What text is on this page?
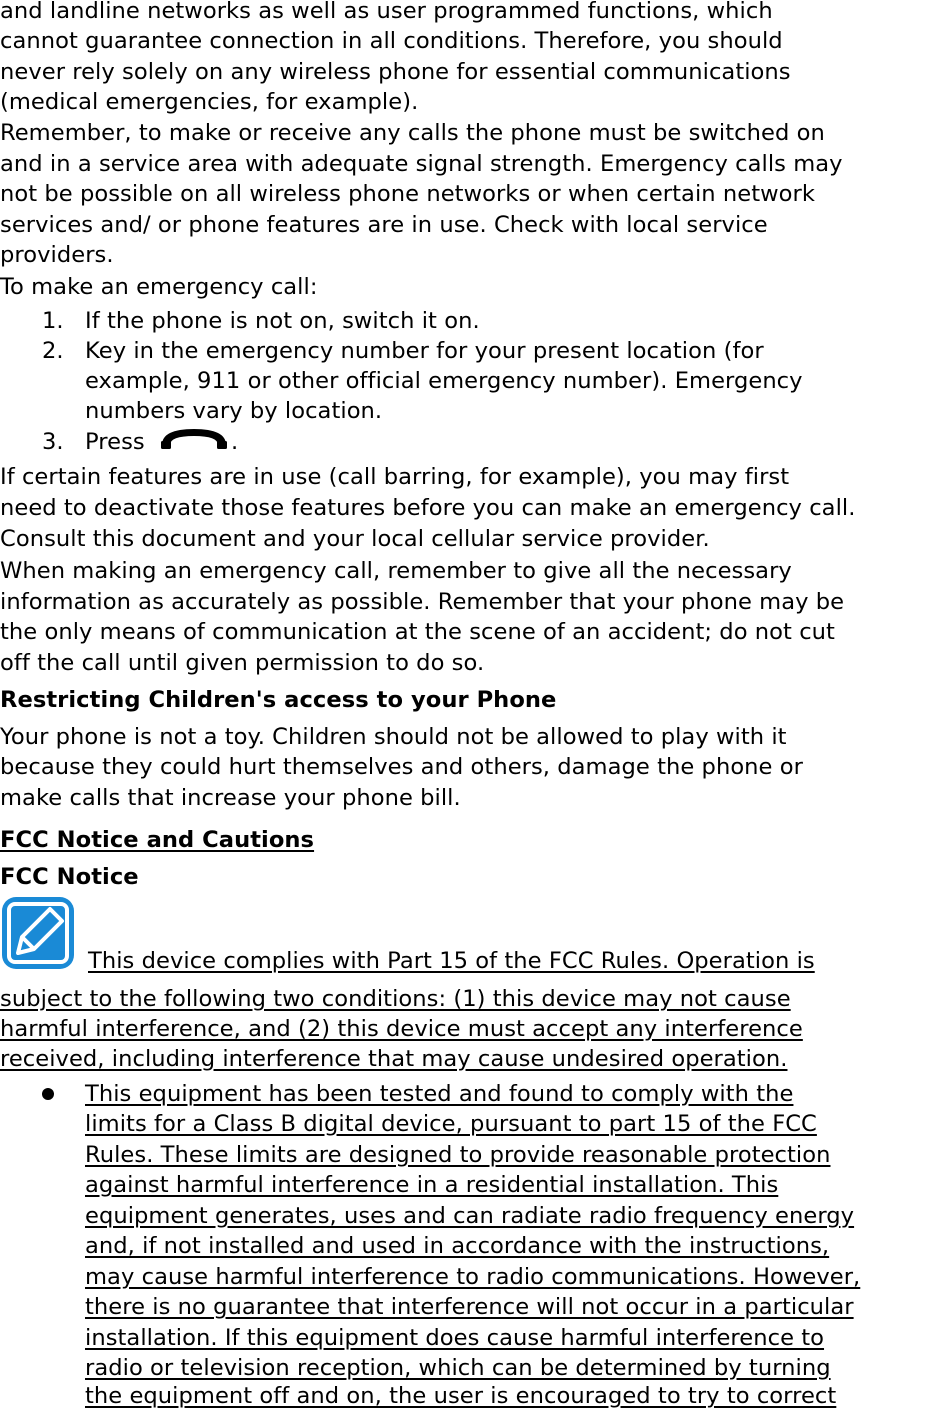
and landline networks as well as user programmed functions, which
cannot guarantee connection in all conditions. Therefore, you should
never rely solely on any wireless phone for essential communications
(medical emergencies, for example).
Remember, to make or receive any calls the phone must be switched on
and in a service area with adequate signal strength. Emergency calls may
not be possible on all wireless phone networks or when certain network
services and/ or phone features are in use. Check with local service
providers.
To make an emergency call:
1. If the phone is not on, switch it on.
2. Key in the emergency number for your present location (for
example, 911 or other official emergency number). Emergency
numbers vary by location.
3. Press	.
If certain features are in use (call barring, for example), you may first
need to deactivate those features before you can make an emergency call.
Consult this document and your local cellular service provider.
When making an emergency call, remember to give all the necessary
information as accurately as possible. Remember that your phone may be
the only means of communication at the scene of an accident; do not cut
off the call until given permission to do so.
Restricting Children's access to your Phone
Your phone is not a toy. Children should not be allowed to play with it
because they could hurt themselves and others, damage the phone or
make calls that increase your phone bill.
FCC Notice and Cautions
FCC Notice
This device complies with Part 15 of the FCC Rules. Operation is
subject to the following two conditions: (1) this device may not cause
harmful interference, and (2) this device must accept any interference
received, including interference that may cause undesired operation.
This equipment has been tested and found to comply with the
limits for a Class B digital device, pursuant to part 15 of the FCC
Rules. These limits are designed to provide reasonable protection
against harmful interference in a residential installation. This
equipment generates, uses and can radiate radio frequency energy
and, if not installed and used in accordance with the instructions,
may cause harmful interference to radio communications. However,
there is no guarantee that interference will not occur in a particular
installation. If this equipment does cause harmful interference to
radio or television reception, which can be determined by turning
the equipment off and on, the user is encouraged to try to correct
